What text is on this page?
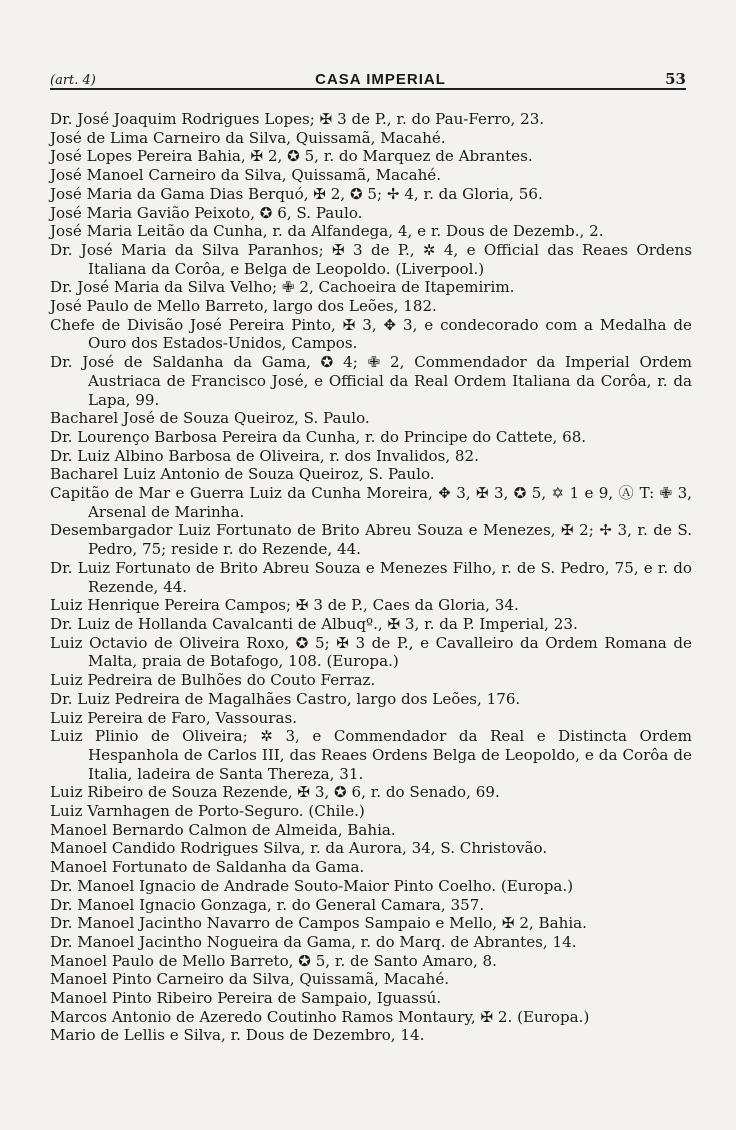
(art. 4)	CASA IMPERIAL	53
Dr. José Joaquim Rodrigues Lopes; ✠ 3 de P., r. do Pau-Ferro, 23.
José de Lima Carneiro da Silva, Quissamã, Macahé.
José Lopes Pereira Bahia, ✠ 2, ✪ 5, r. do Marquez de Abrantes.
José Manoel Carneiro da Silva, Quissamã, Macahé.
José Maria da Gama Dias Berquó, ✠ 2, ✪ 5; ✢ 4, r. da Gloria, 56.
José Maria Gavião Peixoto, ✪ 6, S. Paulo.
José Maria Leitão da Cunha, r. da Alfandega, 4, e r. Dous de Dezemb., 2.
Dr. José Maria da Silva Paranhos; ✠ 3 de P., ✲ 4, e Official das Reaes Ordens Italiana da Corôa, e Belga de Leopoldo. (Liverpool.)
Dr. José Maria da Silva Velho; ✙ 2, Cachoeira de Itapemirim.
José Paulo de Mello Barreto, largo dos Leões, 182.
Chefe de Divisão José Pereira Pinto, ✠ 3, ✥ 3, e condecorado com a Medalha de Ouro dos Estados-Unidos, Campos.
Dr. José de Saldanha da Gama, ✪ 4; ✙ 2, Commendador da Imperial Ordem Austriaca de Francisco José, e Official da Real Ordem Italiana da Corôa, r. da Lapa, 99.
Bacharel José de Souza Queiroz, S. Paulo.
Dr. Lourenço Barbosa Pereira da Cunha, r. do Principe do Cattete, 68.
Dr. Luiz Albino Barbosa de Oliveira, r. dos Invalidos, 82.
Bacharel Luiz Antonio de Souza Queiroz, S. Paulo.
Capitão de Mar e Guerra Luiz da Cunha Moreira, ✥ 3, ✠ 3, ✪ 5, ✡ 1 e 9, Ⓐ T: ✙ 3, Arsenal de Marinha.
Desembargador Luiz Fortunato de Brito Abreu Souza e Menezes, ✠ 2; ✢ 3, r. de S. Pedro, 75; reside r. do Rezende, 44.
Dr. Luiz Fortunato de Brito Abreu Souza e Menezes Filho, r. de S. Pedro, 75, e r. do Rezende, 44.
Luiz Henrique Pereira Campos; ✠ 3 de P., Caes da Gloria, 34.
Dr. Luiz de Hollanda Cavalcanti de Albuqº., ✠ 3, r. da P. Imperial, 23.
Luiz Octavio de Oliveira Roxo, ✪ 5; ✠ 3 de P., e Cavalleiro da Ordem Romana de Malta, praia de Botafogo, 108. (Europa.)
Luiz Pedreira de Bulhões do Couto Ferraz.
Dr. Luiz Pedreira de Magalhães Castro, largo dos Leões, 176.
Luiz Pereira de Faro, Vassouras.
Luiz Plinio de Oliveira; ✲ 3, e Commendador da Real e Distincta Ordem Hespanhola de Carlos III, das Reaes Ordens Belga de Leopoldo, e da Corôa de Italia, ladeira de Santa Thereza, 31.
Luiz Ribeiro de Souza Rezende, ✠ 3, ✪ 6, r. do Senado, 69.
Luiz Varnhagen de Porto-Seguro. (Chile.)
Manoel Bernardo Calmon de Almeida, Bahia.
Manoel Candido Rodrigues Silva, r. da Aurora, 34, S. Christovão.
Manoel Fortunato de Saldanha da Gama.
Dr. Manoel Ignacio de Andrade Souto-Maior Pinto Coelho. (Europa.)
Dr. Manoel Ignacio Gonzaga, r. do General Camara, 357.
Dr. Manoel Jacintho Navarro de Campos Sampaio e Mello, ✠ 2, Bahia.
Dr. Manoel Jacintho Nogueira da Gama, r. do Marq. de Abrantes, 14.
Manoel Paulo de Mello Barreto, ✪ 5, r. de Santo Amaro, 8.
Manoel Pinto Carneiro da Silva, Quissamã, Macahé.
Manoel Pinto Ribeiro Pereira de Sampaio, Iguassú.
Marcos Antonio de Azeredo Coutinho Ramos Montaury, ✠ 2. (Europa.)
Mario de Lellis e Silva, r. Dous de Dezembro, 14.
